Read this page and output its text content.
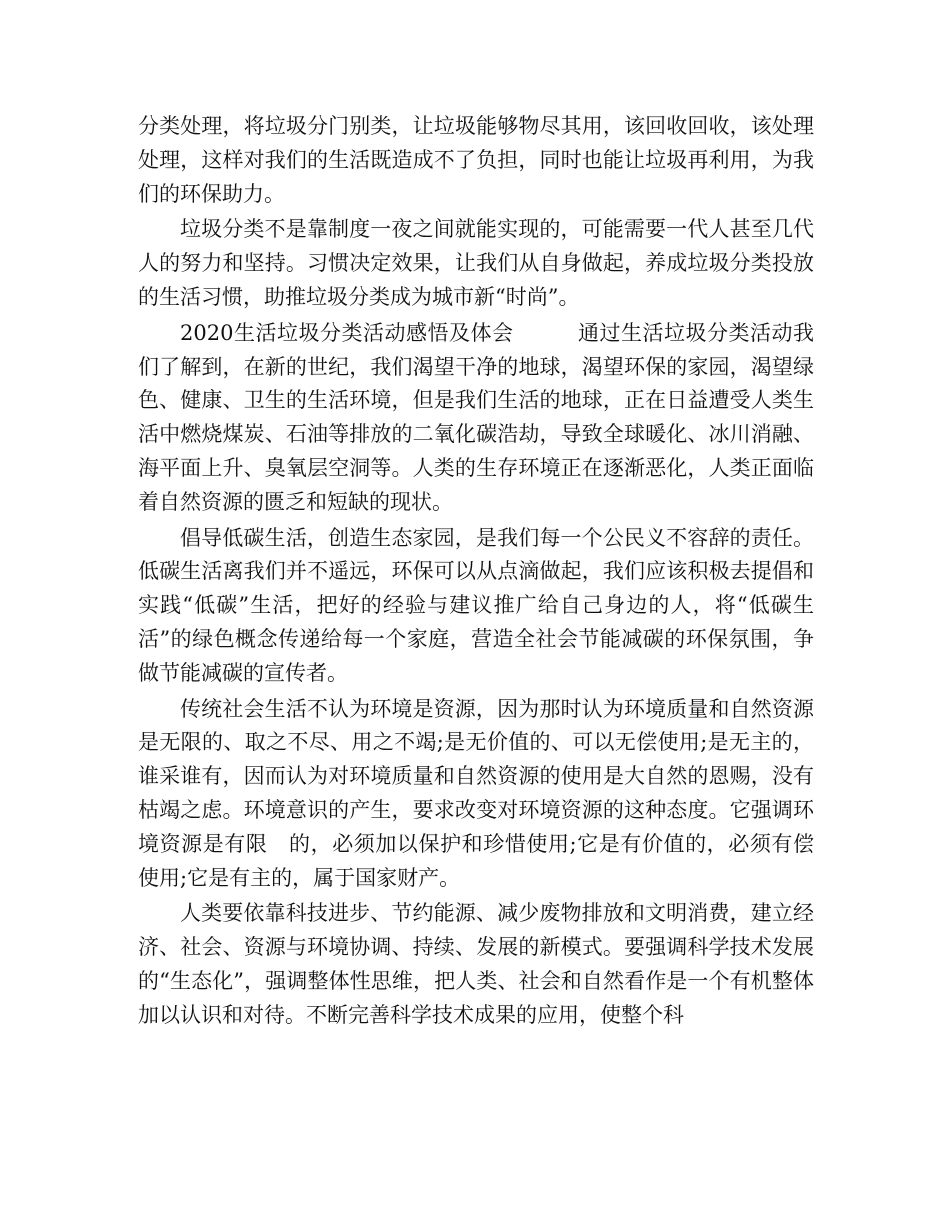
分类处理，将垃圾分门别类，让垃圾能够物尽其用，该回收回收，该处理处理，这样对我们的生活既造成不了负担，同时也能让垃圾再利用，为我们的环保助力。

垃圾分类不是靠制度一夜之间就能实现的，可能需要一代人甚至几代人的努力和坚持。习惯决定效果，让我们从自身做起，养成垃圾分类投放的生活习惯，助推垃圾分类成为城市新“时尚”。

2020生活垃圾分类活动感悟及体会　　　通过生活垃圾分类活动我们了解到，在新的世纪，我们渴望干净的地球，渴望环保的家园，渴望绿色、健康、卫生的生活环境，但是我们生活的地球，正在日益遭受人类生活中燃烧煤炭、石油等排放的二氧化碳浩劫，导致全球暖化、冰川消融、海平面上升、臭氧层空洞等。人类的生存环境正在逐渐恶化，人类正面临着自然资源的匮乏和短缺的现状。

倡导低碳生活，创造生态家园，是我们每一个公民义不容辞的责任。低碳生活离我们并不遥远，环保可以从点滴做起，我们应该积极去提倡和实践“低碳”生活，把好的经验与建议推广给自己身边的人，将“低碳生活”的绿色概念传递给每一个家庭，营造全社会节能减碳的环保氛围，争做节能减碳的宣传者。

传统社会生活不认为环境是资源，因为那时认为环境质量和自然资源是无限的、取之不尽、用之不竭;是无价值的、可以无偿使用;是无主的，谁采谁有，因而认为对环境质量和自然资源的使用是大自然的恩赐，没有枯竭之虑。环境意识的产生，要求改变对环境资源的这种态度。它强调环境资源是有限　的，必须加以保护和珍惜使用;它是有价值的，必须有偿使用;它是有主的，属于国家财产。

人类要依靠科技进步、节约能源、减少废物排放和文明消费，建立经济、社会、资源与环境协调、持续、发展的新模式。要强调科学技术发展的“生态化”，强调整体性思维，把人类、社会和自然看作是一个有机整体加以认识和对待。不断完善科学技术成果的应用，使整个科
